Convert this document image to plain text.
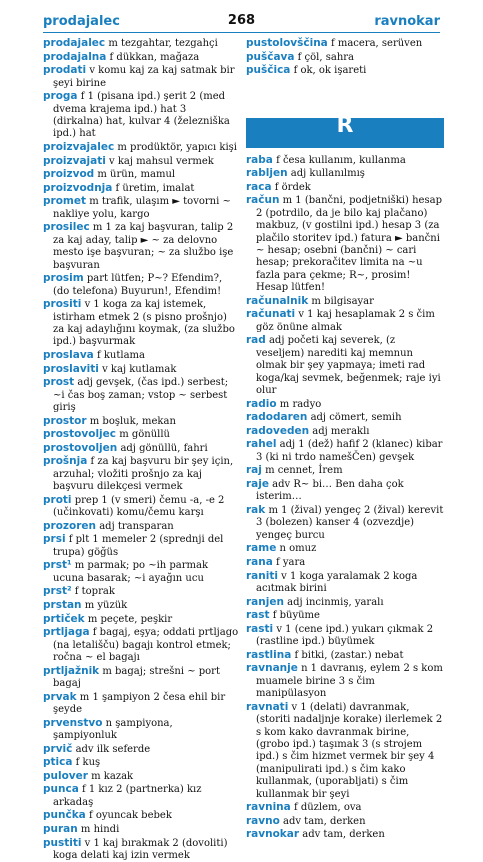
prodajalec	268	ravnokar

prodajalec m tezgahtar, tezgahçi

prodajalna f dükkan, mağaza

prodati v komu kaj za kaj satmak bir şeyi birine

proga f 1 (pisana ipd.) şerit 2 (med dvema krajema ipd.) hat 3 (dirkalna) hat, kulvar 4 (železniška ipd.) hat

proizvajalec m prodüktör, yapıcı kişi

proizvajati v kaj mahsul vermek

proizvod m ürün, mamul

proizvodnja f üretim, imalat

promet m trafik, ulaşım ► tovorni ~ nakliye yolu, kargo

prosilec m 1 za kaj başvuran, talip 2 za kaj aday, talip ► ~ za delovno mesto işe başvuran; ~ za službo işe başvuran

prosim part lütfen; P~? Efendim?, (do telefona) Buyurun!, Efendim!

prositi v 1 koga za kaj istemek, istirham etmek 2 (s pisno prošnjo) za kaj adaylığını koymak, (za službo ipd.) başvurmak

proslava f kutlama

proslaviti v kaj kutlamak

prost adj gevşek, (čas ipd.) serbest; ~i čas boş zaman; vstop ~ serbest giriş

prostor m boşluk, mekan

prostovoljec m gönüllü

prostovoljen adj gönüllü, fahri

prošnja f za kaj başvuru bir şey için, arzuhal; vložiti prošnjo za kaj başvuru dilekçesi vermek

proti prep 1 (v smeri) čemu -a, -e 2 (učinkovati) komu/čemu karşı

prozoren adj transparan

prsi f plt 1 memeler 2 (sprednji del trupa) göğüs

prst¹ m parmak; po ~ih parmak ucuna basarak; ~i ayağın ucu

prst² f toprak

prstan m yüzük

prtiček m peçete, peşkir

prtljaga f bagaj, eşya; oddati prtljago (na letališču) bagajı kontrol etmek; ročna ~ el bagajı

prtljažnik m bagaj; strešni ~ port bagaj

prvak m 1 şampiyon 2 česa ehil bir şeyde

prvenstvo n şampiyona, şampiyonluk

prvič adv ilk seferde

ptica f kuş

pulover m kazak

punca f 1 kız 2 (partnerka) kız arkadaş

punčka f oyuncak bebek

puran m hindi

pustiti v 1 kaj bırakmak 2 (dovoliti) koga delati kaj izin vermek

pustolovščina f macera, serüven

puščava f çöl, sahra

puščica f ok, ok işareti

R

raba f česa kullanım, kullanma

rabljen adj kullanılmış

raca f ördek

račun m 1 (bančni, podjetniški) hesap 2 (potrdilo, da je bilo kaj plačano) makbuz, (v gostilni ipd.) hesap 3 (za plačilo storitev ipd.) fatura ► bančni ~ hesap; osebni (bančni) ~ cari hesap; prekoračitev limita na ~u fazla para çekme; R~, prosim! Hesap lütfen!

računalnik m bilgisayar

računati v 1 kaj hesaplamak 2 s čim göz önüne almak

rad adj početi kaj severek, (z veseljem) narediti kaj memnun olmak bir şey yapmaya; imeti rad koga/kaj sevmek, beğenmek; raje iyi olur

radio m radyo

radodaren adj cömert, semih

radoveden adj meraklı

rahel adj 1 (dež) hafif 2 (klanec) kibar 3 (ki ni trdo namešČen) gevşek

raj m cennet, İrem

raje adv R~ bi… Ben daha çok isterim…

rak m 1 (žival) yengeç 2 (žival) kerevit 3 (bolezen) kanser 4 (ozvezdje) yengeç burcu

rame n omuz

rana f yara

raniti v 1 koga yaralamak 2 koga acıtmak birini

ranjen adj incinmiş, yaralı

rast f büyüme

rasti v 1 (cene ipd.) yukarı çıkmak 2 (rastline ipd.) büyümek

rastlina f bitki, (zastar.) nebat

ravnanje n 1 davranış, eylem 2 s kom muamele birine 3 s čim manipülasyon

ravnati v 1 (delati) davranmak, (storiti nadaljnje korake) ilerlemek 2 s kom kako davranmak birine, (grobo ipd.) taşımak 3 (s strojem ipd.) s čim hizmet vermek bir şey 4 (manipulirati ipd.) s čim kako kullanmak, (uporabljati) s čim kullanmak bir şeyi

ravnina f düzlem, ova

ravno adv tam, derken

ravnokar adv tam, derken
